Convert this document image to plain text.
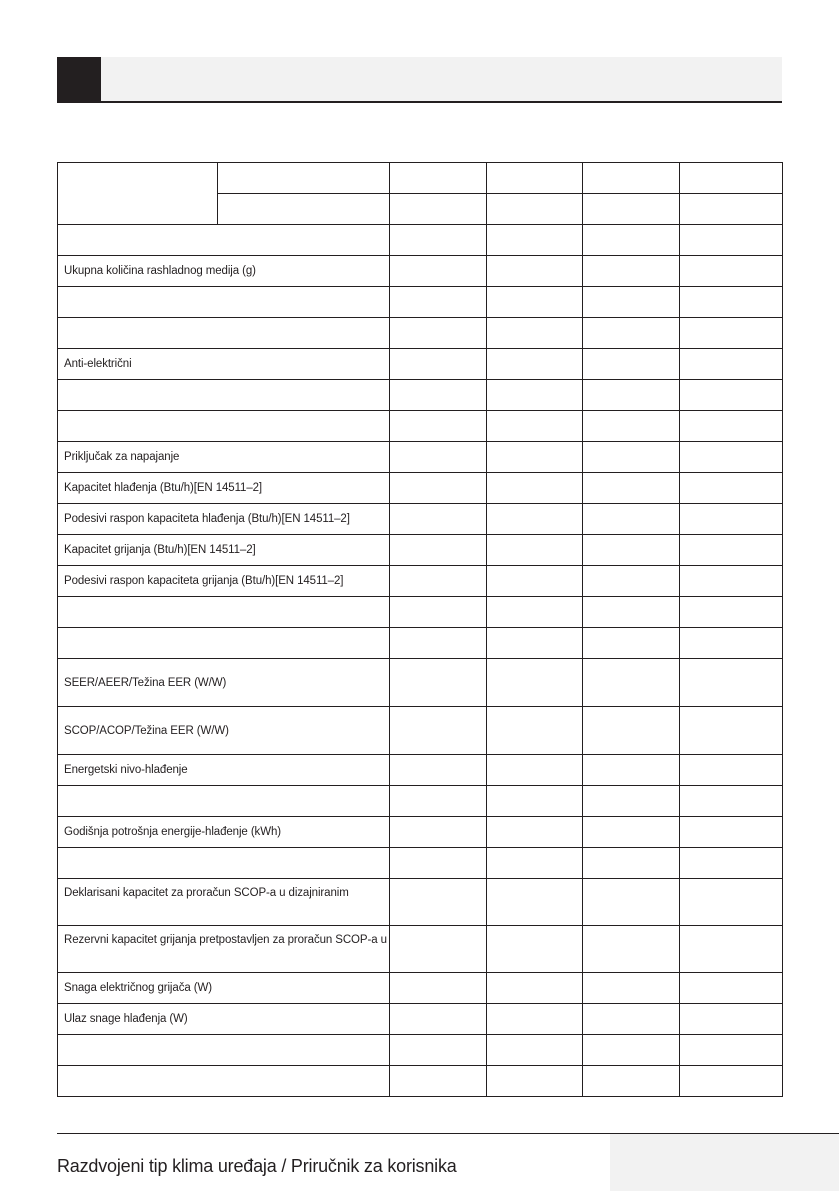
Ukupna količina rashladnog medija (g)					

Anti-električni					

Priključak za napajanje					
Kapacitet hlađenja (Btu/h)[EN 14511–2]					
Podesivi raspon kapaciteta hlađenja (Btu/h)[EN 14511–2]					
Kapacitet grijanja (Btu/h)[EN 14511–2]					
Podesivi raspon kapaciteta grijanja (Btu/h)[EN 14511–2]					

SEER/AEER/Težina EER (W/W)					
SCOP/ACOP/Težina EER (W/W)					
Energetski nivo-hlađenje					

Godišnja potrošnja energije-hlađenje (kWh)					

Deklarisani kapacitet za proračun SCOP-a u dizajniranim					
Rezervni kapacitet grijanja pretpostavljen za proračun SCOP-a u					
Snaga električnog grijača (W)					
Ulaz snage hlađenja (W)					

Razdvojeni tip klima uređaja / Priručnik za korisnika
